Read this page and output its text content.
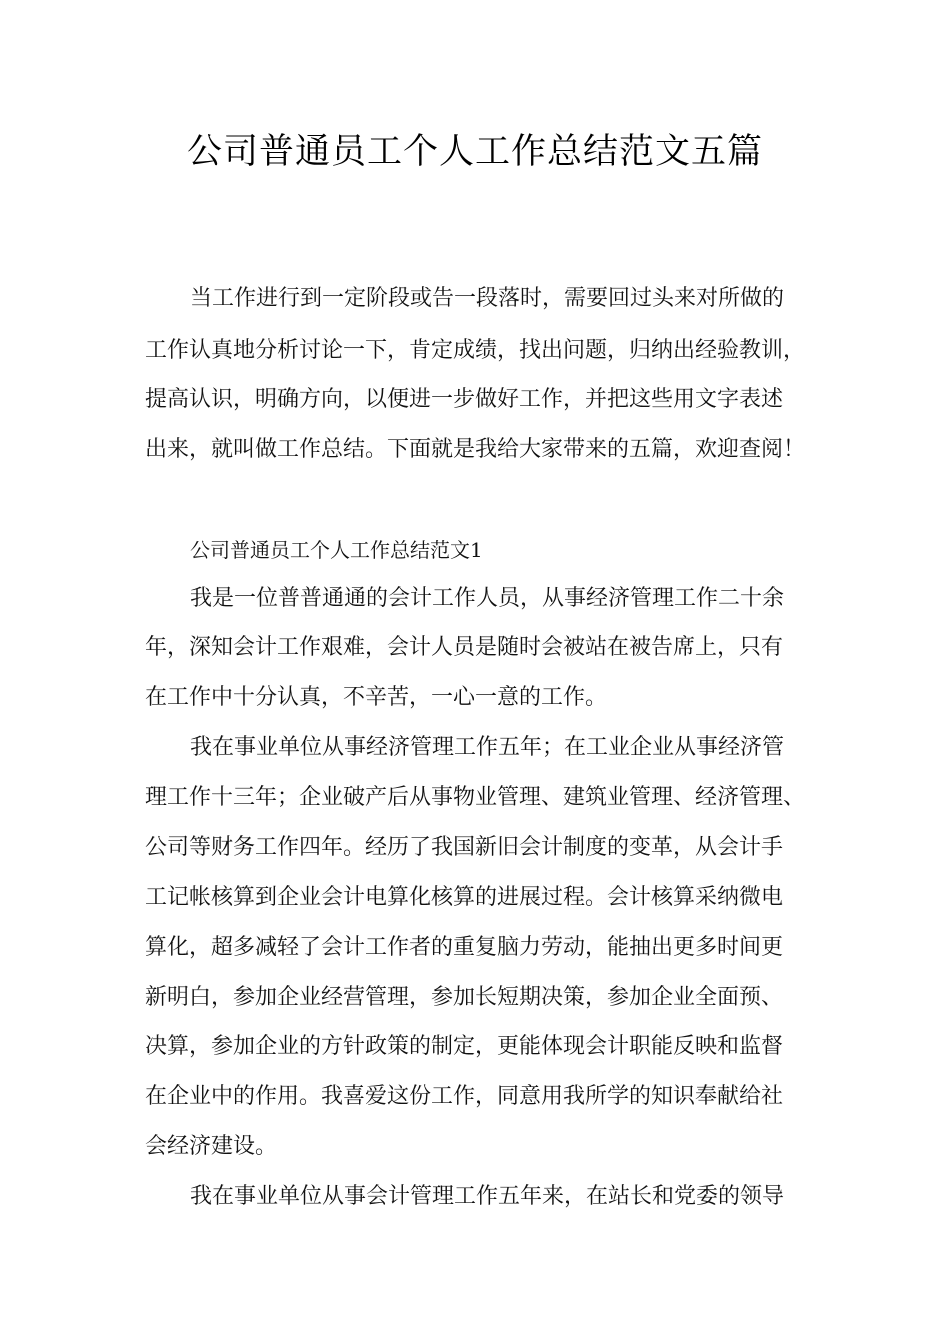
公司普通员工个人工作总结范文五篇
当工作进行到一定阶段或告一段落时，需要回过头来对所做的
工作认真地分析讨论一下，肯定成绩，找出问题，归纳出经验教训，
提高认识，明确方向，以便进一步做好工作，并把这些用文字表述
出来，就叫做工作总结。下面就是我给大家带来的五篇，欢迎查阅！
公司普通员工个人工作总结范文1
我是一位普普通通的会计工作人员，从事经济管理工作二十余
年，深知会计工作艰难，会计人员是随时会被站在被告席上，只有
在工作中十分认真，不辛苦，一心一意的工作。
我在事业单位从事经济管理工作五年；在工业企业从事经济管
理工作十三年；企业破产后从事物业管理、建筑业管理、经济管理、
公司等财务工作四年。经历了我国新旧会计制度的变革，从会计手
工记帐核算到企业会计电算化核算的进展过程。会计核算采纳微电
算化，超多减轻了会计工作者的重复脑力劳动，能抽出更多时间更
新明白，参加企业经营管理，参加长短期决策，参加企业全面预、
决算，参加企业的方针政策的制定，更能体现会计职能反映和监督
在企业中的作用。我喜爱这份工作，同意用我所学的知识奉献给社
会经济建设。
我在事业单位从事会计管理工作五年来，在站长和党委的领导
